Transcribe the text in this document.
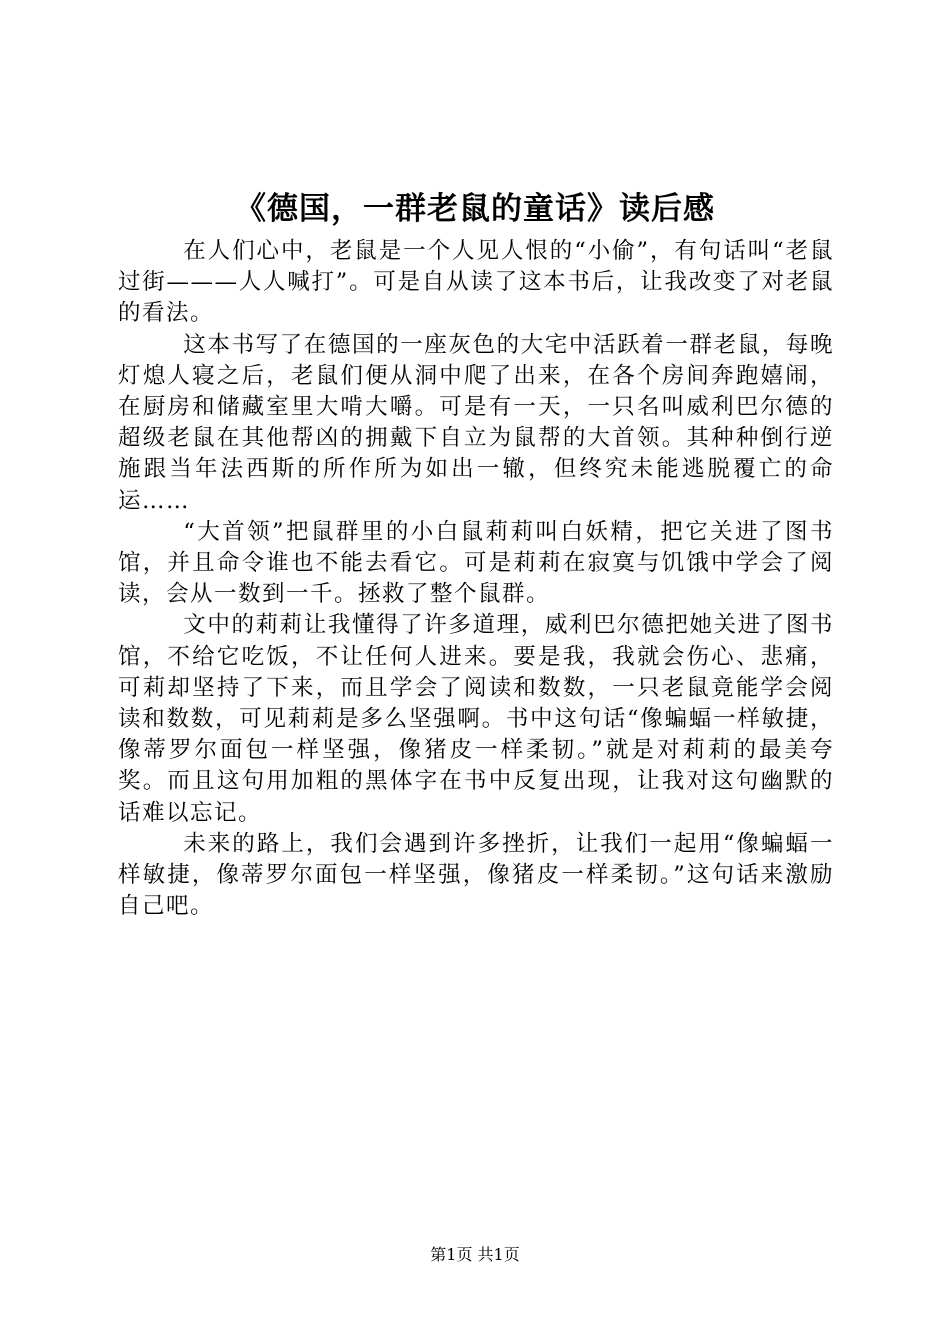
《德国，一群老鼠的童话》读后感

在人们心中，老鼠是一个人见人恨的“小偷”，有句话叫“老鼠过街———人人喊打”。可是自从读了这本书后，让我改变了对老鼠的看法。

这本书写了在德国的一座灰色的大宅中活跃着一群老鼠，每晚灯熄人寝之后，老鼠们便从洞中爬了出来，在各个房间奔跑嬉闹，在厨房和储藏室里大啃大嚼。可是有一天，一只名叫威利巴尔德的超级老鼠在其他帮凶的拥戴下自立为鼠帮的大首领。其种种倒行逆施跟当年法西斯的所作所为如出一辙，但终究未能逃脱覆亡的命运……

“大首领”把鼠群里的小白鼠莉莉叫白妖精，把它关进了图书馆，并且命令谁也不能去看它。可是莉莉在寂寞与饥饿中学会了阅读，会从一数到一千。拯救了整个鼠群。

文中的莉莉让我懂得了许多道理，威利巴尔德把她关进了图书馆，不给它吃饭，不让任何人进来。要是我，我就会伤心、悲痛，可莉却坚持了下来，而且学会了阅读和数数，一只老鼠竟能学会阅读和数数，可见莉莉是多么坚强啊。书中这句话“像蝙蝠一样敏捷，像蒂罗尔面包一样坚强，像猪皮一样柔韧。”就是对莉莉的最美夸奖。而且这句用加粗的黑体字在书中反复出现，让我对这句幽默的话难以忘记。

未来的路上，我们会遇到许多挫折，让我们一起用“像蝙蝠一样敏捷，像蒂罗尔面包一样坚强，像猪皮一样柔韧。”这句话来激励自己吧。

第1页 共1页
